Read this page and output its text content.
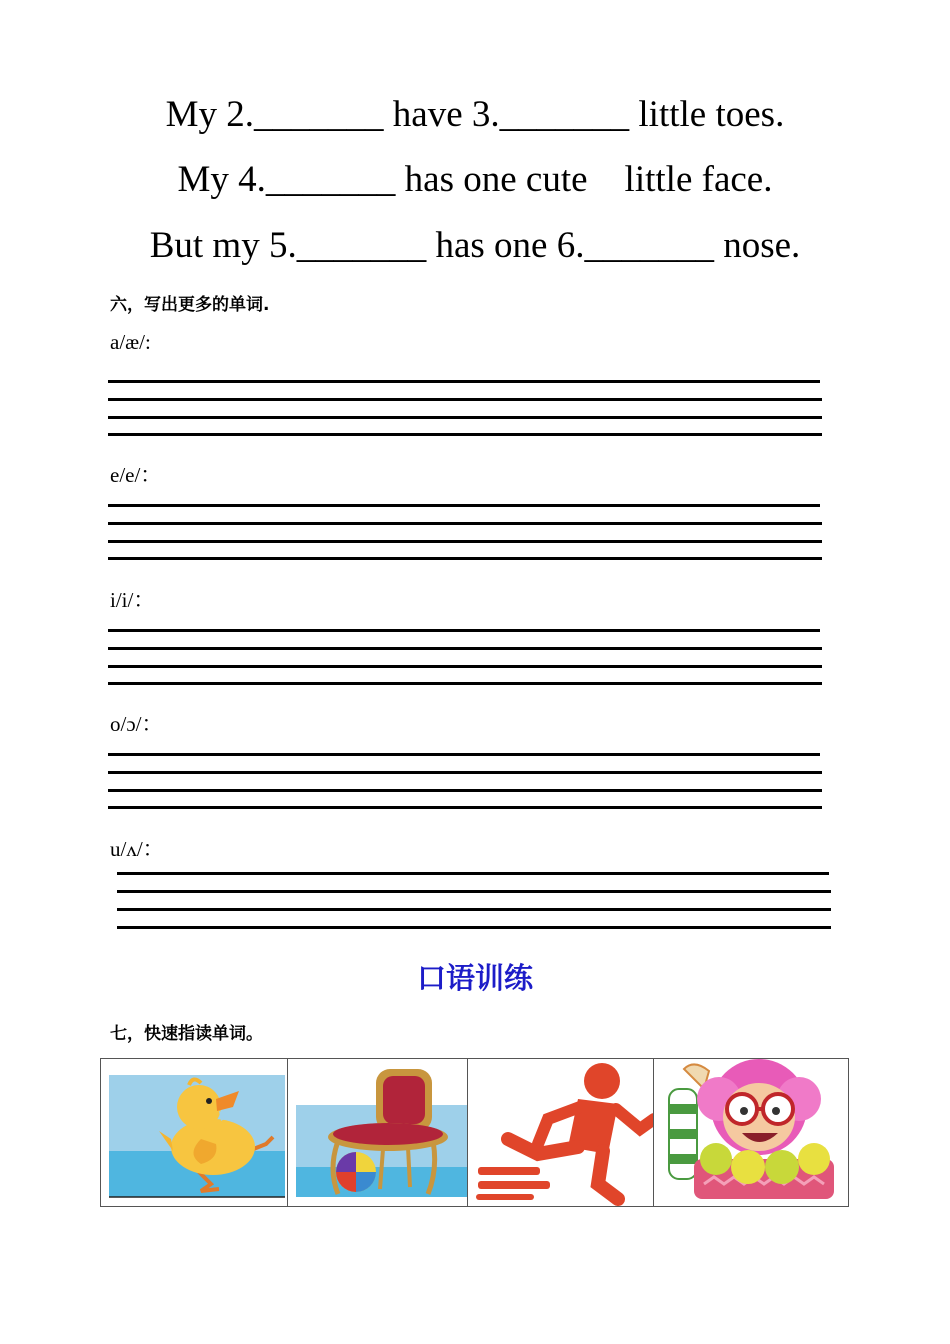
My 2._______ have 3._______ little toes.
My 4._______ has one cute    little face.
But my 5._______ has one 6._______ nose.
六，写出更多的单词.
a/æ/:
e/e/：
i/i/：
o/ɔ/：
u/ʌ/：
口语训练
七，快速指读单词。
